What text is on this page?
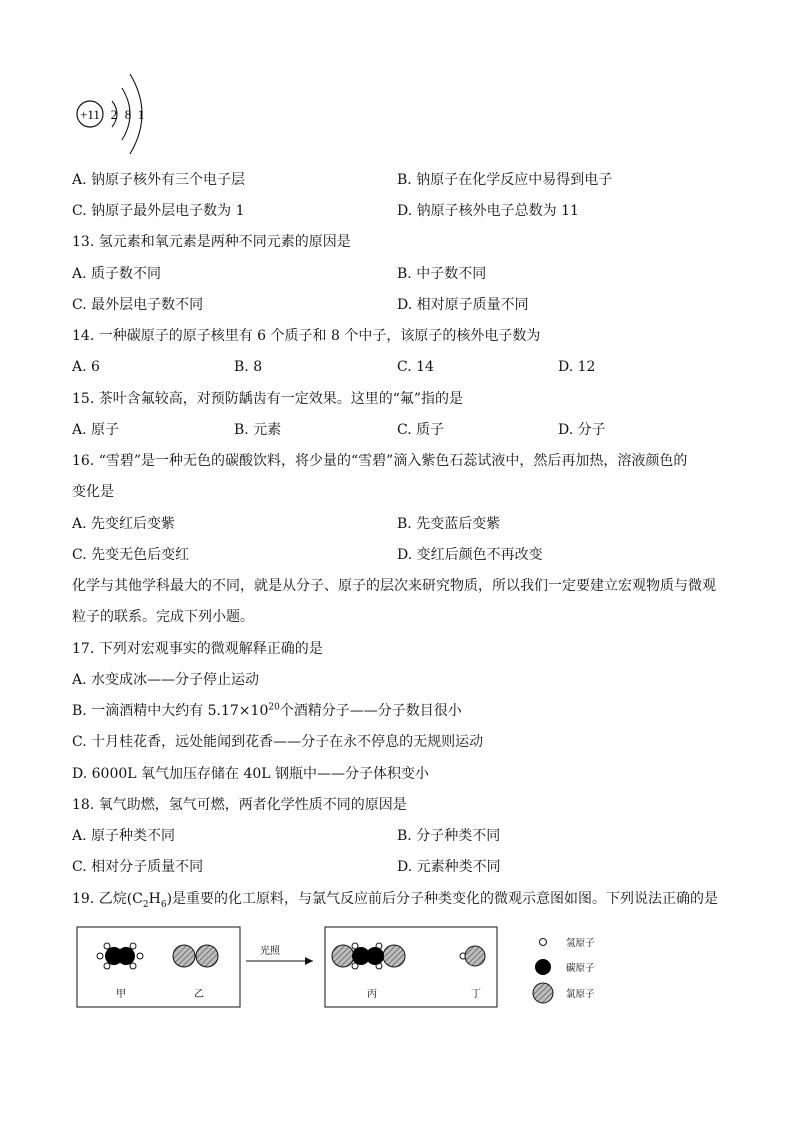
+11 2 8 1
A. 钠原子核外有三个电子层	B. 钠原子在化学反应中易得到电子
C. 钠原子最外层电子数为 1	D. 钠原子核外电子总数为 11
13. 氢元素和氧元素是两种不同元素的原因是
A. 质子数不同	B. 中子数不同
C. 最外层电子数不同	D. 相对原子质量不同
14. 一种碳原子的原子核里有 6 个质子和 8 个中子，该原子的核外电子数为
A. 6	B. 8	C. 14	D. 12
15. 茶叶含氟较高，对预防龋齿有一定效果。这里的“氟”指的是
A. 原子	B. 元素	C. 质子	D. 分子
16. “雪碧”是一种无色的碳酸饮料，将少量的“雪碧”滴入紫色石蕊试液中，然后再加热，溶液颜色的
变化是
A. 先变红后变紫	B. 先变蓝后变紫
C. 先变无色后变红	D. 变红后颜色不再改变
化学与其他学科最大的不同，就是从分子、原子的层次来研究物质，所以我们一定要建立宏观物质与微观
粒子的联系。完成下列小题。
17. 下列对宏观事实的微观解释正确的是
A. 水变成冰——分子停止运动
B. 一滴酒精中大约有 $5.17\times 10^{20}$个酒精分子——分子数目很小
C. 十月桂花香，远处能闻到花香——分子在永不停息的无规则运动
D. 6000L 氧气加压存储在 40L 钢瓶中——分子体积变小
18. 氧气助燃，氢气可燃，两者化学性质不同的原因是
A. 原子种类不同	B. 分子种类不同
C. 相对分子质量不同	D. 元素种类不同
19. 乙烷$(C_2H_6)$是重要的化工原料，与氯气反应前后分子种类变化的微观示意图如图。下列说法正确的是
甲	乙
光照
丙	丁
氢原子
碳原子
氯原子
